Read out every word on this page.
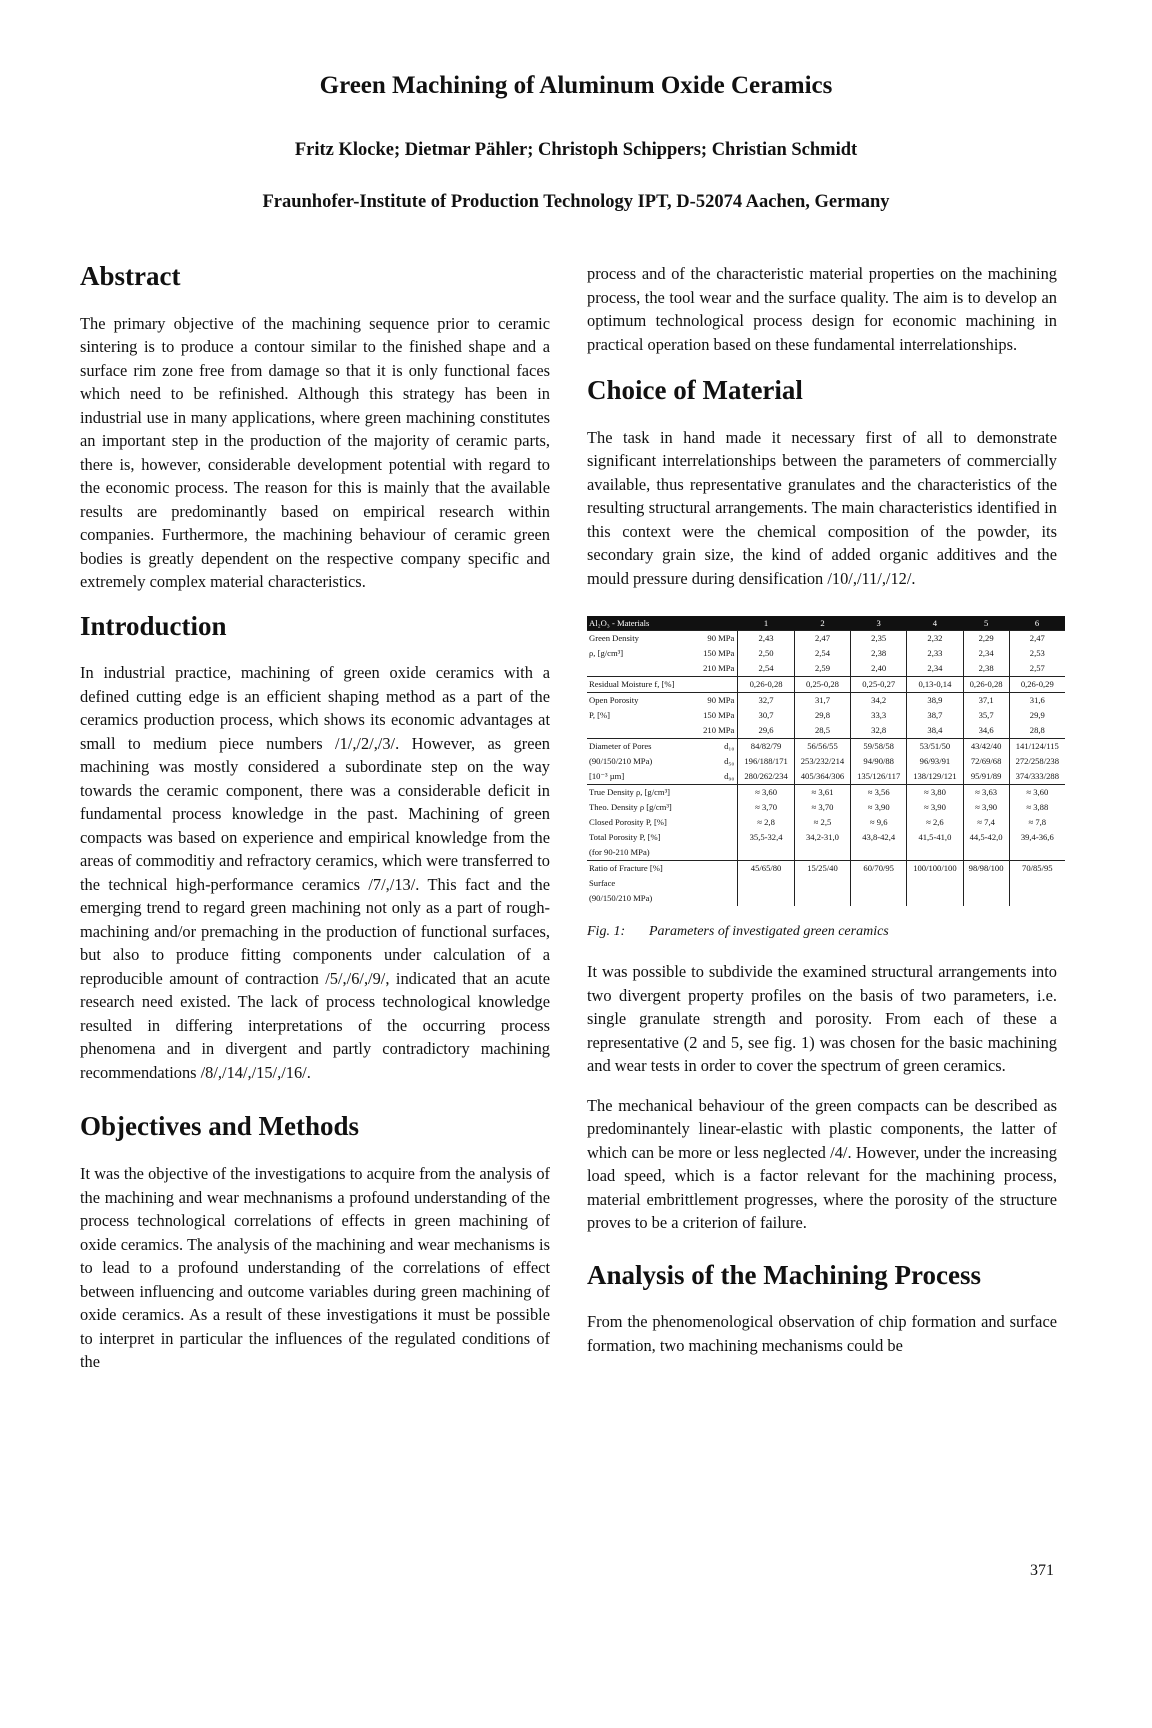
Green Machining of Aluminum Oxide Ceramics
Fritz Klocke; Dietmar Pähler; Christoph Schippers; Christian Schmidt
Fraunhofer-Institute of Production Technology IPT, D-52074 Aachen, Germany
Abstract

The primary objective of the machining sequence prior to ceramic sintering is to produce a contour similar to the finished shape and a surface rim zone free from damage so that it is only functional faces which need to be refinished. Although this strategy has been in industrial use in many applications, where green machining constitutes an important step in the production of the majority of ceramic parts, there is, however, considerable development potential with regard to the economic process. The reason for this is mainly that the available results are predominantly based on empirical research within companies. Furthermore, the machining behaviour of ceramic green bodies is greatly dependent on the respective company specific and extremely complex material characteristics.

Introduction

In industrial practice, machining of green oxide ceramics with a defined cutting edge is an efficient shaping method as a part of the ceramics production process, which shows its economic advantages at small to medium piece numbers /1/,/2/,/3/. However, as green machining was mostly considered a subordinate step on the way towards the ceramic component, there was a considerable deficit in fundamental process knowledge in the past. Machining of green compacts was based on experience and empirical knowledge from the areas of commoditiy and refractory ceramics, which were transferred to the technical high-performance ceramics /7/,/13/. This fact and the emerging trend to regard green machining not only as a part of rough-machining and/or premaching in the production of functional surfaces, but also to produce fitting components under calculation of a reproducible amount of contraction /5/,/6/,/9/, indicated that an acute research need existed. The lack of process technological knowledge resulted in differing interpretations of the occurring process phenomena and in divergent and partly contradictory machining recommendations /8/,/14/,/15/,/16/.

Objectives and Methods

It was the objective of the investigations to acquire from the analysis of the machining and wear mechnanisms a profound understanding of the process technological correlations of effects in green machining of oxide ceramics. The analysis of the machining and wear mechanisms is to lead to a profound understanding of the correlations of effect between influencing and outcome variables during green machining of oxide ceramics. As a result of these investigations it must be possible to interpret in particular the influences of the regulated conditions of the

process and of the characteristic material properties on the machining process, the tool wear and the surface quality. The aim is to develop an optimum technological process design for economic machining in practical operation based on these fundamental interrelationships.

Choice of Material

The task in hand made it necessary first of all to demonstrate significant interrelationships between the parameters of commercially available, thus representative granulates and the characteristics of the resulting structural arrangements. The main characteristics identified in this context were the chemical composition of the powder, its secondary grain size, the kind of added organic additives and the mould pressure during densification /10/,/11/,/12/.

Al₂O₃ - Materials		1	2	3	4	5	6
Green Density	90 MPa	2,43	2,47	2,35	2,32	2,29	2,47
ρ, [g/cm³]	150 MPa	2,50	2,54	2,38	2,33	2,34	2,53
	210 MPa	2,54	2,59	2,40	2,34	2,38	2,57
Residual Moisture f, [%]		0,26-0,28	0,25-0,28	0,25-0,27	0,13-0,14	0,26-0,28	0,26-0,29
Open Porosity	90 MPa	32,7	31,7	34,2	38,9	37,1	31,6
P, [%]	150 MPa	30,7	29,8	33,3	38,7	35,7	29,9
	210 MPa	29,6	28,5	32,8	38,4	34,6	28,8
Diameter of Pores	d₁₀	84/82/79	56/56/55	59/58/58	53/51/50	43/42/40	141/124/115
(90/150/210 MPa)	d₅₀	196/188/171	253/232/214	94/90/88	96/93/91	72/69/68	272/258/238
[10⁻³ µm]	d₉₀	280/262/234	405/364/306	135/126/117	138/129/121	95/91/89	374/333/288
True Density ρ, [g/cm³]		≈ 3,60	≈ 3,61	≈ 3,56	≈ 3,80	≈ 3,63	≈ 3,60
Theo. Density ρ [g/cm³]		≈ 3,70	≈ 3,70	≈ 3,90	≈ 3,90	≈ 3,90	≈ 3,88
Closed Porosity P, [%]		≈ 2,8	≈ 2,5	≈ 9,6	≈ 2,6	≈ 7,4	≈ 7,8
Total Porosity P, [%]		35,5-32,4	34,2-31,0	43,8-42,4	41,5-41,0	44,5-42,0	39,4-36,6
(for 90-210 MPa)							
Ratio of Fracture [%]		45/65/80	15/25/40	60/70/95	100/100/100	98/98/100	70/85/95
Surface							
(90/150/210 MPa)							
Fig. 1: Parameters of investigated green ceramics

It was possible to subdivide the examined structural arrangements into two divergent property profiles on the basis of two parameters, i.e. single granulate strength and porosity. From each of these a representative (2 and 5, see fig. 1) was chosen for the basic machining and wear tests in order to cover the spectrum of green ceramics.

The mechanical behaviour of the green compacts can be described as predominantely linear-elastic with plastic components, the latter of which can be more or less neglected /4/. However, under the increasing load speed, which is a factor relevant for the machining process, material embrittlement progresses, where the porosity of the structure proves to be a criterion of failure.

Analysis of the Machining Process

From the phenomenological observation of chip formation and surface formation, two machining mechanisms could be

371
